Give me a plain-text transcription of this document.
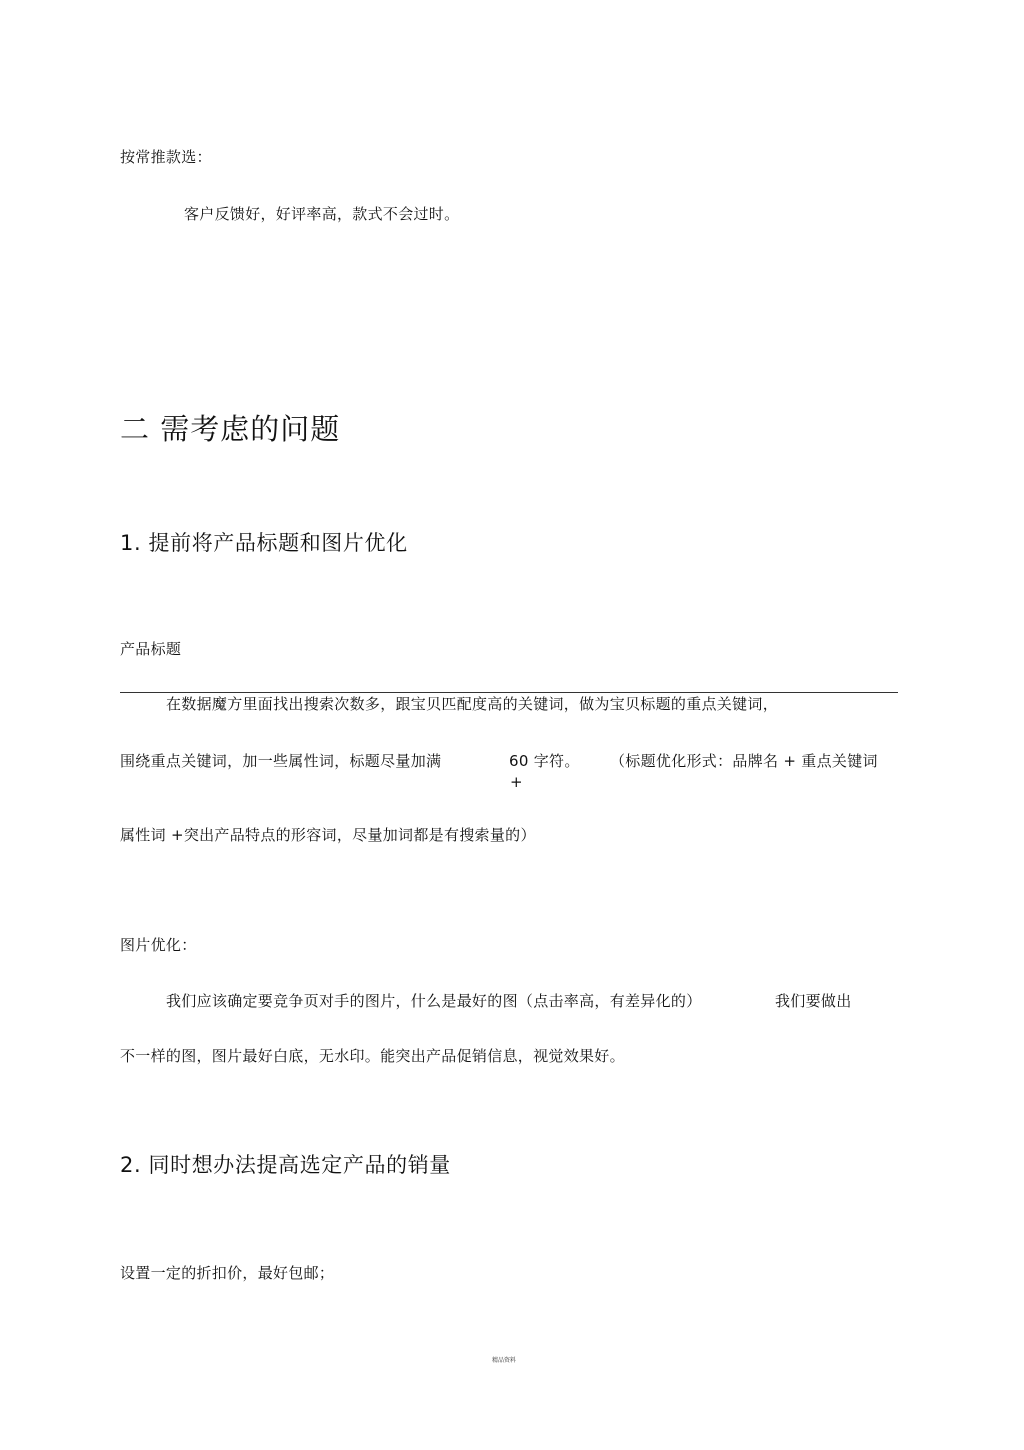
按常推款选：
客户反馈好，好评率高，款式不会过时。
二 需考虑的问题
1. 提前将产品标题和图片优化
产品标题
在数据魔方里面找出搜索次数多，跟宝贝匹配度高的关键词，做为宝贝标题的重点关键词，
围绕重点关键词，加一些属性词，标题尽量加满	60 字符。
+
（标题优化形式：品牌名 + 重点关键词
属性词 +突出产品特点的形容词，尽量加词都是有搜索量的）
图片优化：
我们应该确定要竞争页对手的图片，什么是最好的图（点击率高，有差异化的）	我们要做出
不一样的图，图片最好白底，无水印。能突出产品促销信息，视觉效果好。
2. 同时想办法提高选定产品的销量
设置一定的折扣价，最好包邮；
精品资料
